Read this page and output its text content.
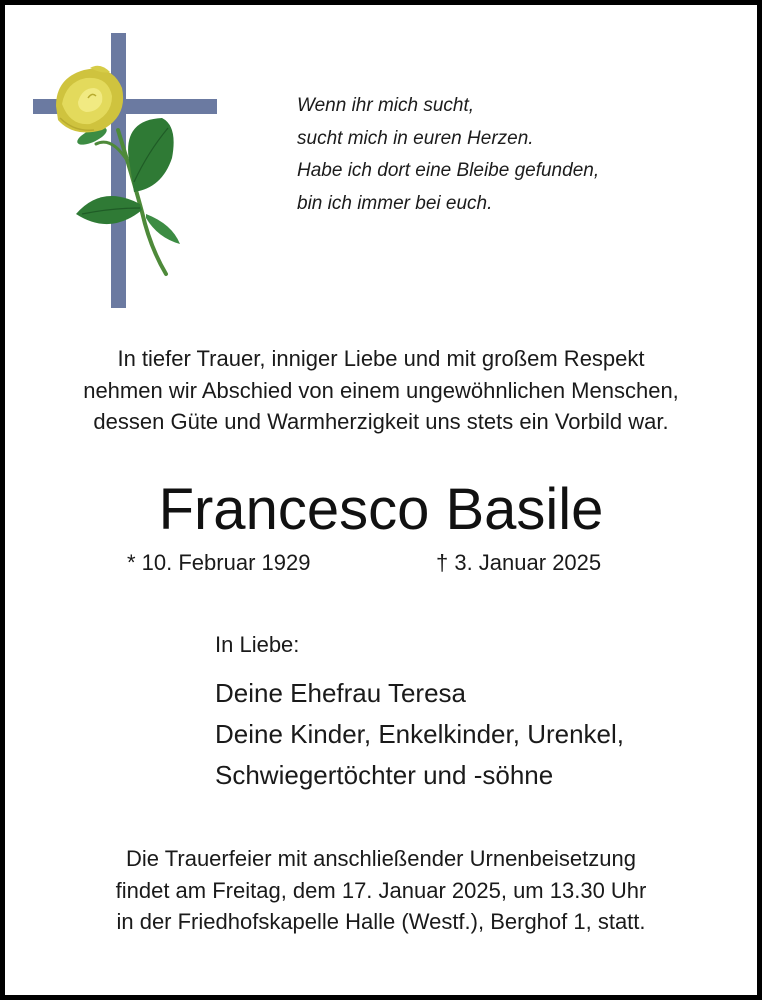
Wenn ihr mich sucht,
sucht mich in euren Herzen.
Habe ich dort eine Bleibe gefunden,
bin ich immer bei euch.
In tiefer Trauer, inniger Liebe und mit großem Respekt
nehmen wir Abschied von einem ungewöhnlichen Menschen,
dessen Güte und Warmherzigkeit uns stets ein Vorbild war.
Francesco Basile
* 10. Februar 1929	† 3. Januar 2025
In Liebe:
Deine Ehefrau Teresa
Deine Kinder, Enkelkinder, Urenkel,
Schwiegertöchter und -söhne
Die Trauerfeier mit anschließender Urnenbeisetzung
findet am Freitag, dem 17. Januar 2025, um 13.30 Uhr
in der Friedhofskapelle Halle (Westf.), Berghof 1, statt.
